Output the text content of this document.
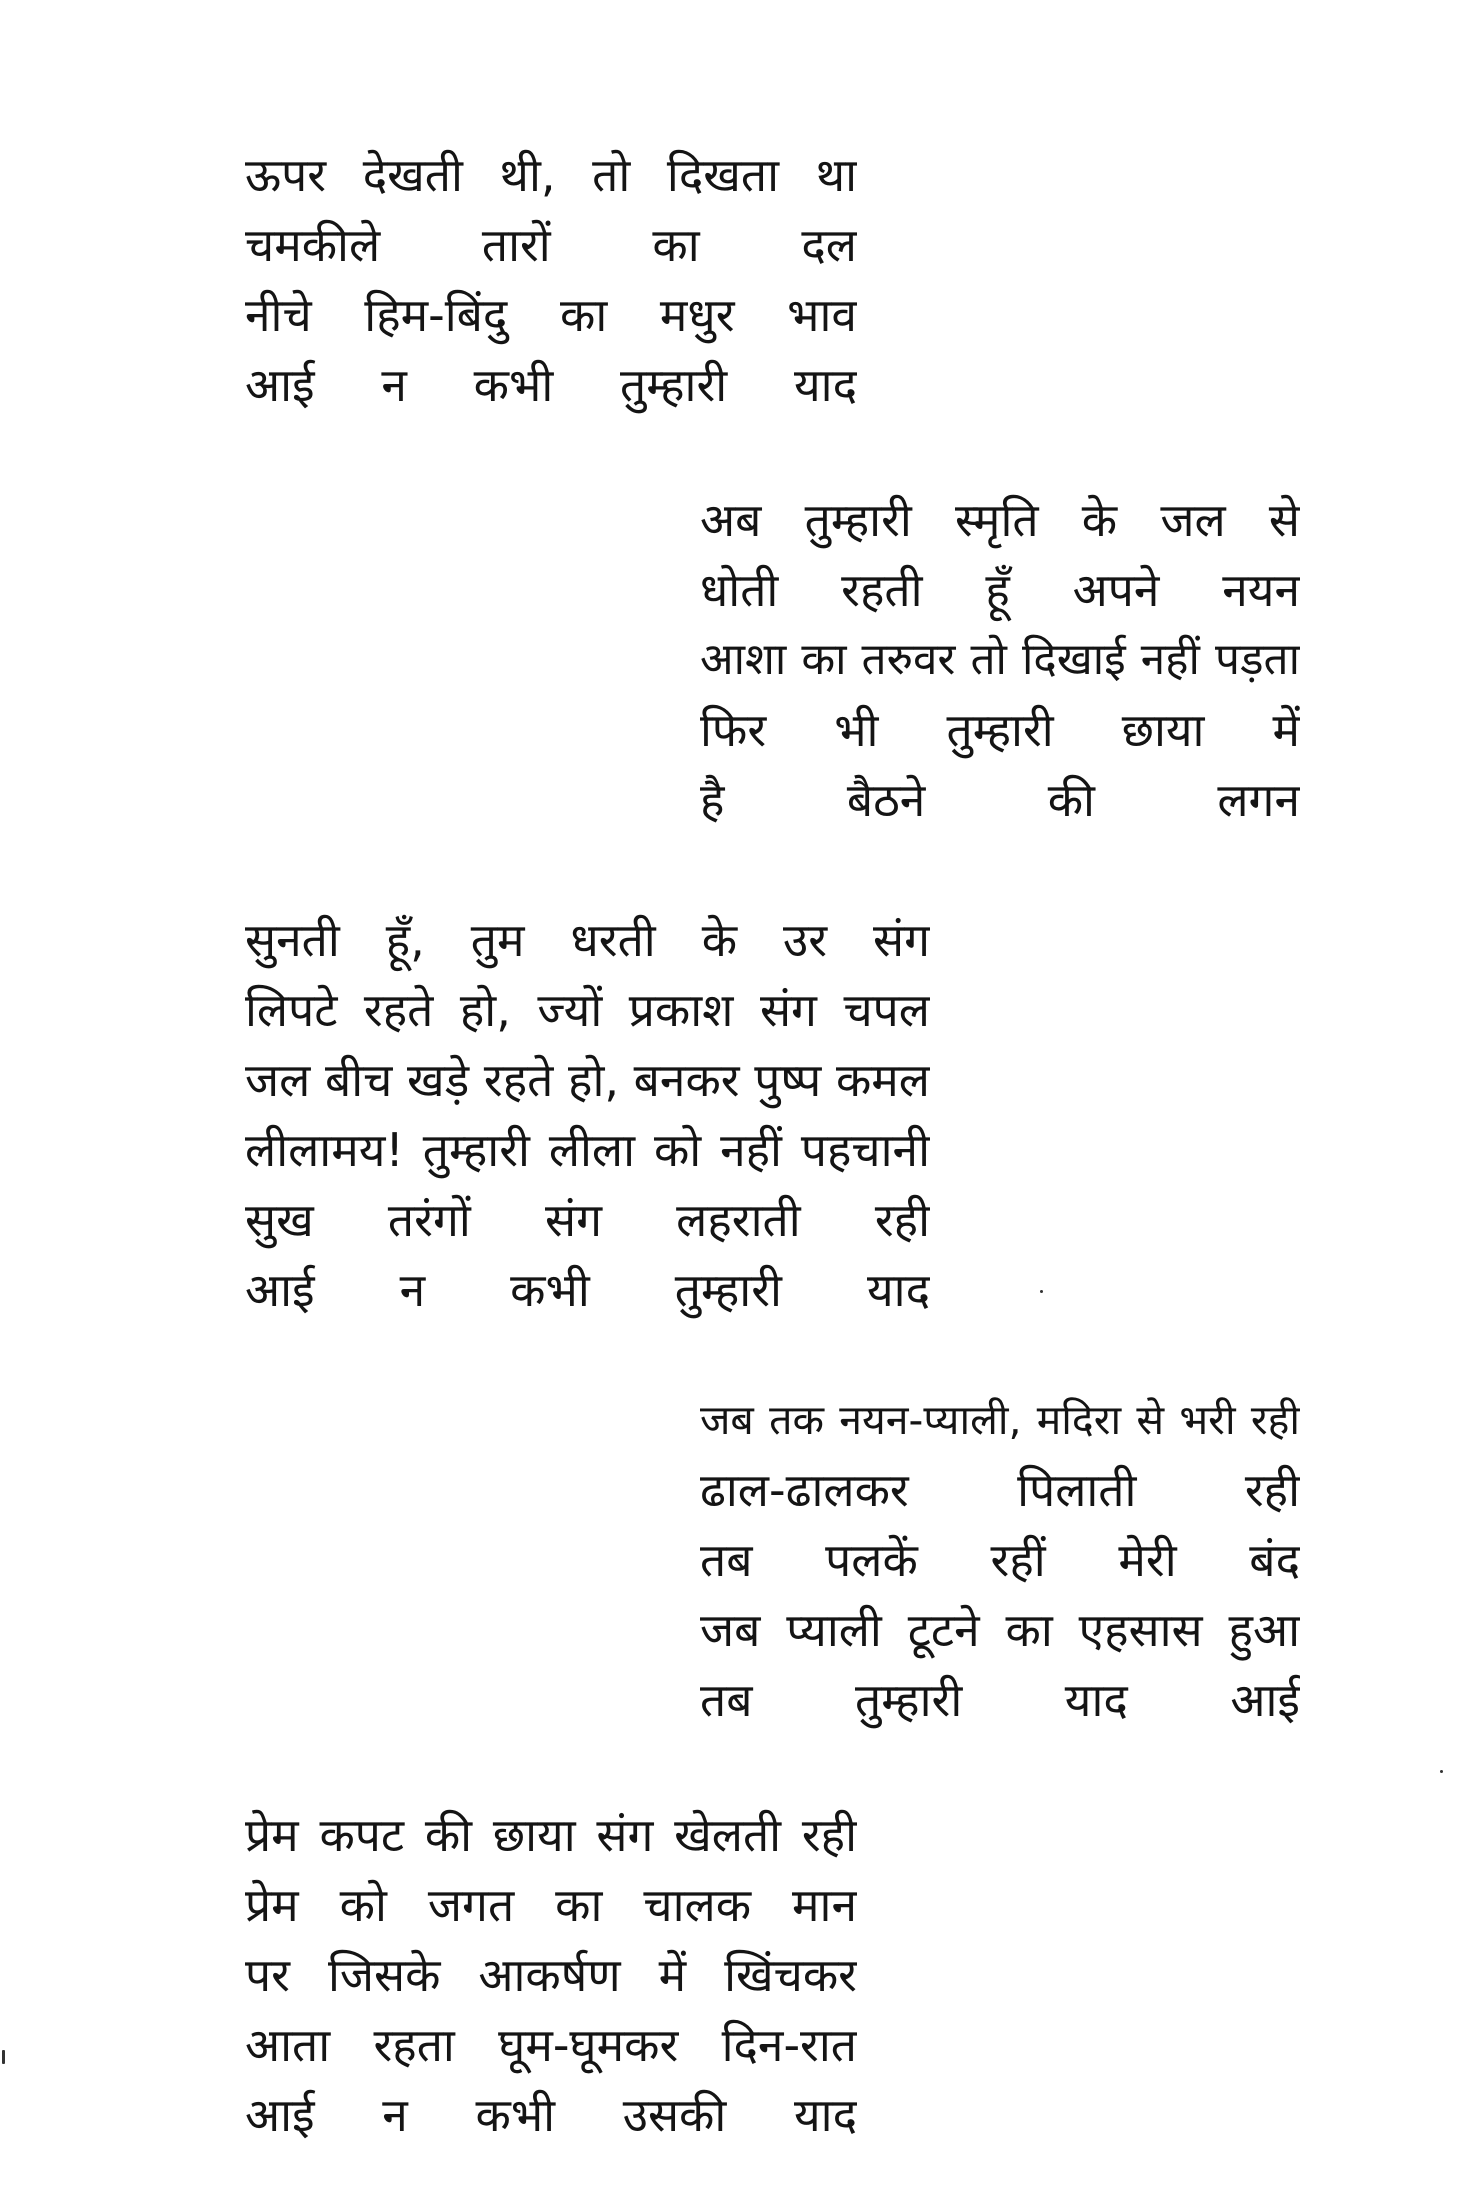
ऊपर देखती थी, तो दिखता था
चमकीले तारों का दल
नीचे हिम-बिंदु का मधुर भाव
आई न कभी तुम्हारी याद
अब तुम्हारी स्मृति के जल से
धोती रहती हूँ अपने नयन
आशा का तरुवर तो दिखाई नहीं पड़ता
फिर भी तुम्हारी छाया में
है बैठने की लगन
सुनती हूँ, तुम धरती के उर संग
लिपटे रहते हो, ज्यों प्रकाश संग चपल
जल बीच खड़े रहते हो, बनकर पुष्प कमल
लीलामय! तुम्हारी लीला को नहीं पहचानी
सुख तरंगों संग लहराती रही
आई न कभी तुम्हारी याद
जब तक नयन-प्याली, मदिरा से भरी रही
ढाल-ढालकर पिलाती रही
तब पलकें रहीं मेरी बंद
जब प्याली टूटने का एहसास हुआ
तब तुम्हारी याद आई
प्रेम कपट की छाया संग खेलती रही
प्रेम को जगत का चालक मान
पर जिसके आकर्षण में खिंचकर
आता रहता घूम-घूमकर दिन-रात
आई न कभी उसकी याद
